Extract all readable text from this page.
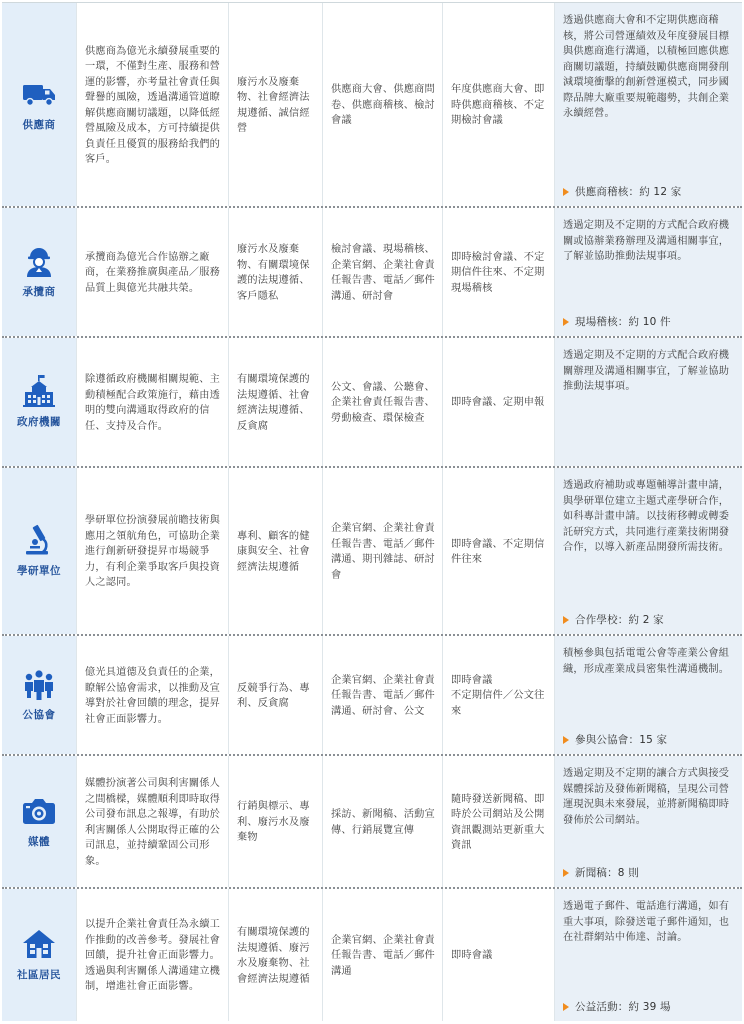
供應商
供應商為億光永續發展重要的一環，不僅對生產、服務和營運的影響，亦考量社會責任與聲譽的風險，透過溝通管道瞭解供應商關切議題，以降低經營風險及成本，方可持續提供負責任且優質的服務給我們的客戶。
廢污水及廢棄物、社會經濟法規遵循、誠信經營
供應商大會、供應商問卷、供應商稽核、檢討會議
年度供應商大會、即時供應商稽核、不定期檢討會議
透過供應商大會和不定期供應商稽核，將公司營運績效及年度發展目標與供應商進行溝通，以積極回應供應商關切議題，持續鼓勵供應商開發削減環境衝擊的創新營運模式，同步國際品牌大廠重要規範趨勢，共創企業永續經營。
供應商稽核：約 12 家
承攬商
承攬商為億光合作協辦之廠商，在業務推廣與產品／服務品質上與億光共融共榮。
廢污水及廢棄物、有關環境保護的法規遵循、客戶隱私
檢討會議、現場稽核、企業官網、企業社會責任報告書、電話／郵件溝通、研討會
即時檢討會議、不定期信件往來、不定期現場稽核
透過定期及不定期的方式配合政府機關或協辦業務辦理及溝通相關事宜，了解並協助推動法規事項。
現場稽核：約 10 件
政府機關
除遵循政府機關相關規範、主動積極配合政策施行，藉由透明的雙向溝通取得政府的信任、支持及合作。
有關環境保護的法規遵循、社會經濟法規遵循、反貪腐
公文、會議、公聽會、企業社會責任報告書、勞動檢查、環保檢查
即時會議、定期申報
透過定期及不定期的方式配合政府機關辦理及溝通相關事宜，了解並協助推動法規事項。
學研單位
學研單位扮演發展前瞻技術與應用之領航角色，可協助企業進行創新研發提昇市場競爭力，有利企業爭取客戶與投資人之認同。
專利、顧客的健康與安全、社會經濟法規遵循
企業官網、企業社會責任報告書、電話／郵件溝通、期刊雜誌、研討會
即時會議、不定期信件往來
透過政府補助或專題輔導計畫申請，與學研單位建立主題式產學研合作，如科專計畫申請。以技術移轉或轉委託研究方式，共同進行產業技術開發合作，以導入新產品開發所需技術。
合作學校：約 2 家
公協會
億光具道德及負責任的企業，瞭解公協會需求，以推動及宣導對於社會回饋的理念，提昇社會正面影響力。
反競爭行為、專利、反貪腐
企業官網、企業社會責任報告書、電話／郵件溝通、研討會、公文
即時會議
不定期信件／公文往來
積極參與包括電電公會等產業公會組織，形成產業成員密集性溝通機制。
參與公協會：15 家
媒體
媒體扮演著公司與利害關係人之間橋樑，媒體順利即時取得公司發布訊息之報導，有助於利害關係人公開取得正確的公司訊息，並持續鞏固公司形象。
行銷與標示、專利、廢污水及廢棄物
採訪、新聞稿、活動宣傳、行銷展覽宣傳
隨時發送新聞稿、即時於公司網站及公開資訊觀測站更新重大資訊
透過定期及不定期的讓合方式與接受媒體採訪及發佈新聞稿，呈現公司營運現況與未來發展，並將新聞稿即時發佈於公司網站。
新聞稿：8 則
社區居民
以提升企業社會責任為永續工作推動的改善參考。發展社會回饋，提升社會正面影響力。透過與利害關係人溝通建立機制，增進社會正面影響。
有關環境保護的法規遵循、廢污水及廢棄物、社會經濟法規遵循
企業官網、企業社會責任報告書、電話／郵件溝通
即時會議
透過電子郵件、電話進行溝通，如有重大事項，除發送電子郵件通知，也在社群網站中佈達、討論。
公益活動：約 39 場
